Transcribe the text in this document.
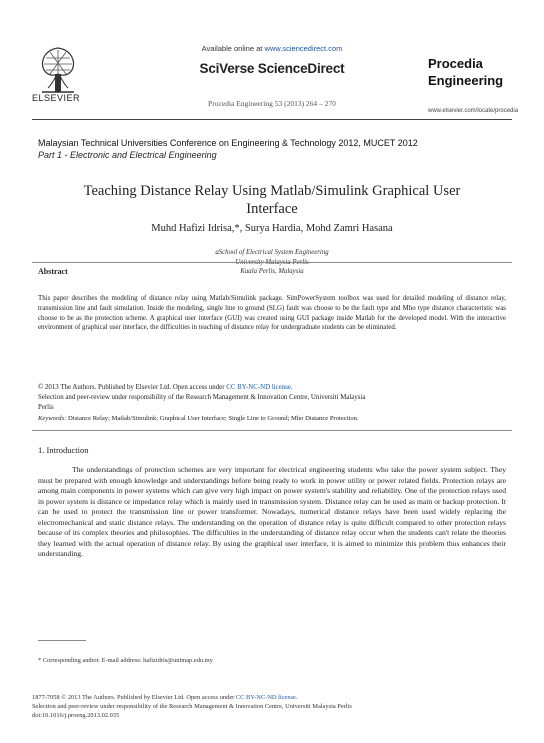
ELSEVIER
Available online at www.sciencedirect.com
SciVerse ScienceDirect
Procedia Engineering 53 (2013) 264 – 270
Procedia
Engineering
www.elsevier.com/locate/procedia
Malaysian Technical Universities Conference on Engineering & Technology 2012, MUCET 2012
Part 1 - Electronic and Electrical Engineering
Teaching Distance Relay Using Matlab/Simulink Graphical User
Interface
Muhd Hafizi Idrisa,*, Surya Hardia, Mohd Zamri Hasana
aSchool of Electrical System Engineering
University Malaysia Perlis
Kuala Perlis, Malaysia
Abstract
This paper describes the modeling of distance relay using Matlab/Simulink package. SimPowerSystem toolbox was used for detailed modeling of distance relay, transmission line and fault simulation. Inside the modeling, single line to ground (SLG) fault was choose to be the fault type and Mho type distance characteristic was choose to be as the protection scheme. A graphical user interface (GUI) was created using GUI package inside Matlab for the developed model. With the interactive environment of graphical user interface, the difficulties in teaching of distance relay for undergraduate students can be eliminated.
© 2013 The Authors. Published by Elsevier Ltd. Open access under CC BY-NC-ND license.
Selection and peer-review under responsibility of the Research Management & Innovation Centre, Universiti Malaysia
Perlis
Keywords: Distance Relay; Matlab/Simulink; Graphical User Interface; Single Line to Ground; Mho Distance Protection.
1. Introduction
The understandings of protection schemes are very important for electrical engineering students who take the power system subject. They must be prepared with enough knowledge and understandings before being ready to work in power utility or power related fields. Protection relays are among main components in power systems which can give very high impact on power system's stability and reliability. One of the protection relays used in power system is distance or impedance relay which is mainly used in transmission system. Distance relay can be used as main or backup protection. It can be used to protect the transmission line or power transformer. Nowadays, numerical distance relays have been used widely replacing the electromechanical and static distance relays. The understanding on the operation of distance relay is quite difficult compared to other protection relays because of its complex theories and philosophies. The difficulties in the understanding of distance relay occur when the students can't relate the theories they learned with the actual operation of distance relay. By using the graphical user interface, it is aimed to minimize this problem thus enhances their understanding.
* Corresponding author. E-mail address: hafizidris@unimap.edu.my
1877-7058 © 2013 The Authors. Published by Elsevier Ltd. Open access under CC BY-NC-ND license.
Selection and peer-review under responsibility of the Research Management & Innovation Centre, Universiti Malaysia Perlis
doi:10.1016/j.proeng.2013.02.035
